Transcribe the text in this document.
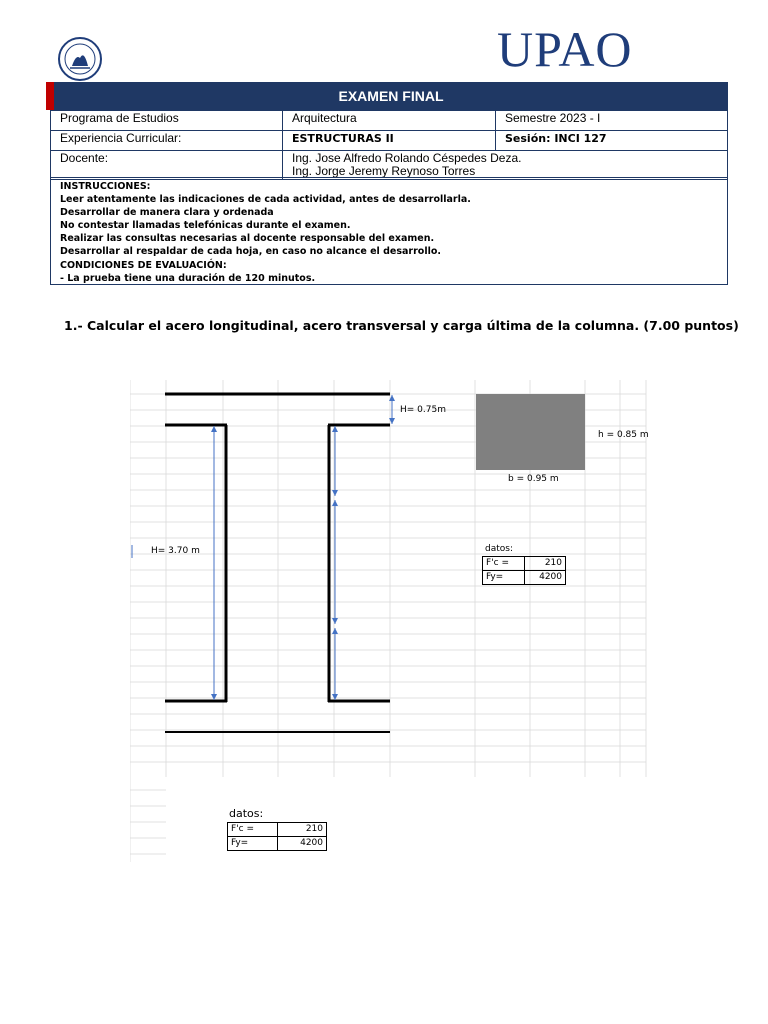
UPAO
EXAMEN FINAL
Programa de Estudios	Arquitectura	Semestre 2023 - I
Experiencia Curricular:	ESTRUCTURAS II	Sesión: INCI 127
Docente:	Ing. Jose Alfredo Rolando Céspedes Deza.
Ing. Jorge Jeremy Reynoso Torres	
INSTRUCCIONES:
Leer atentamente las indicaciones de cada actividad, antes de desarrollarla.
Desarrollar de manera clara y ordenada
No contestar llamadas telefónicas durante el examen.
Realizar las consultas necesarias al docente responsable del examen.
Desarrollar al respaldar de cada hoja, en caso no alcance el desarrollo.
CONDICIONES DE EVALUACIÓN:
- La prueba tiene una duración de 120 minutos.
1.- Calcular el acero longitudinal, acero transversal y carga última de la columna. (7.00 puntos)
H= 0.75m
H= 3.70 m
h = 0.85 m
b = 0.95 m
datos:
F'c =	210
Fy=	4200
datos:
F'c =	210
Fy=	4200
